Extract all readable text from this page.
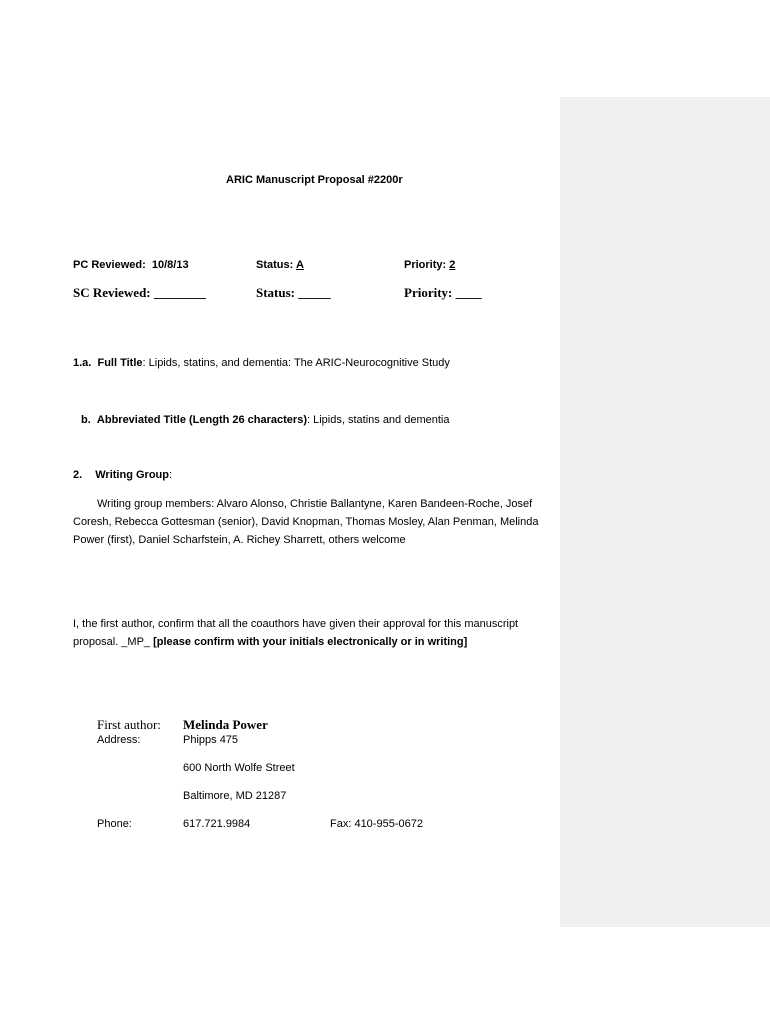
ARIC Manuscript Proposal #2200r
PC Reviewed: 10/8/13	Status: A	Priority: 2
SC Reviewed: ________	Status: _____	Priority: ____
1.a. Full Title: Lipids, statins, and dementia: The ARIC-Neurocognitive Study
b. Abbreviated Title (Length 26 characters): Lipids, statins and dementia
2. Writing Group:
Writing group members: Alvaro Alonso, Christie Ballantyne, Karen Bandeen-Roche, Josef Coresh, Rebecca Gottesman (senior), David Knopman, Thomas Mosley, Alan Penman, Melinda Power (first), Daniel Scharfstein, A. Richey Sharrett, others welcome
I, the first author, confirm that all the coauthors have given their approval for this manuscript proposal. _MP_ [please confirm with your initials electronically or in writing]
First author: Melinda Power
Address:	Phipps 475
600 North Wolfe Street
Baltimore, MD 21287
Phone:	617.721.9984	Fax: 410-955-0672
